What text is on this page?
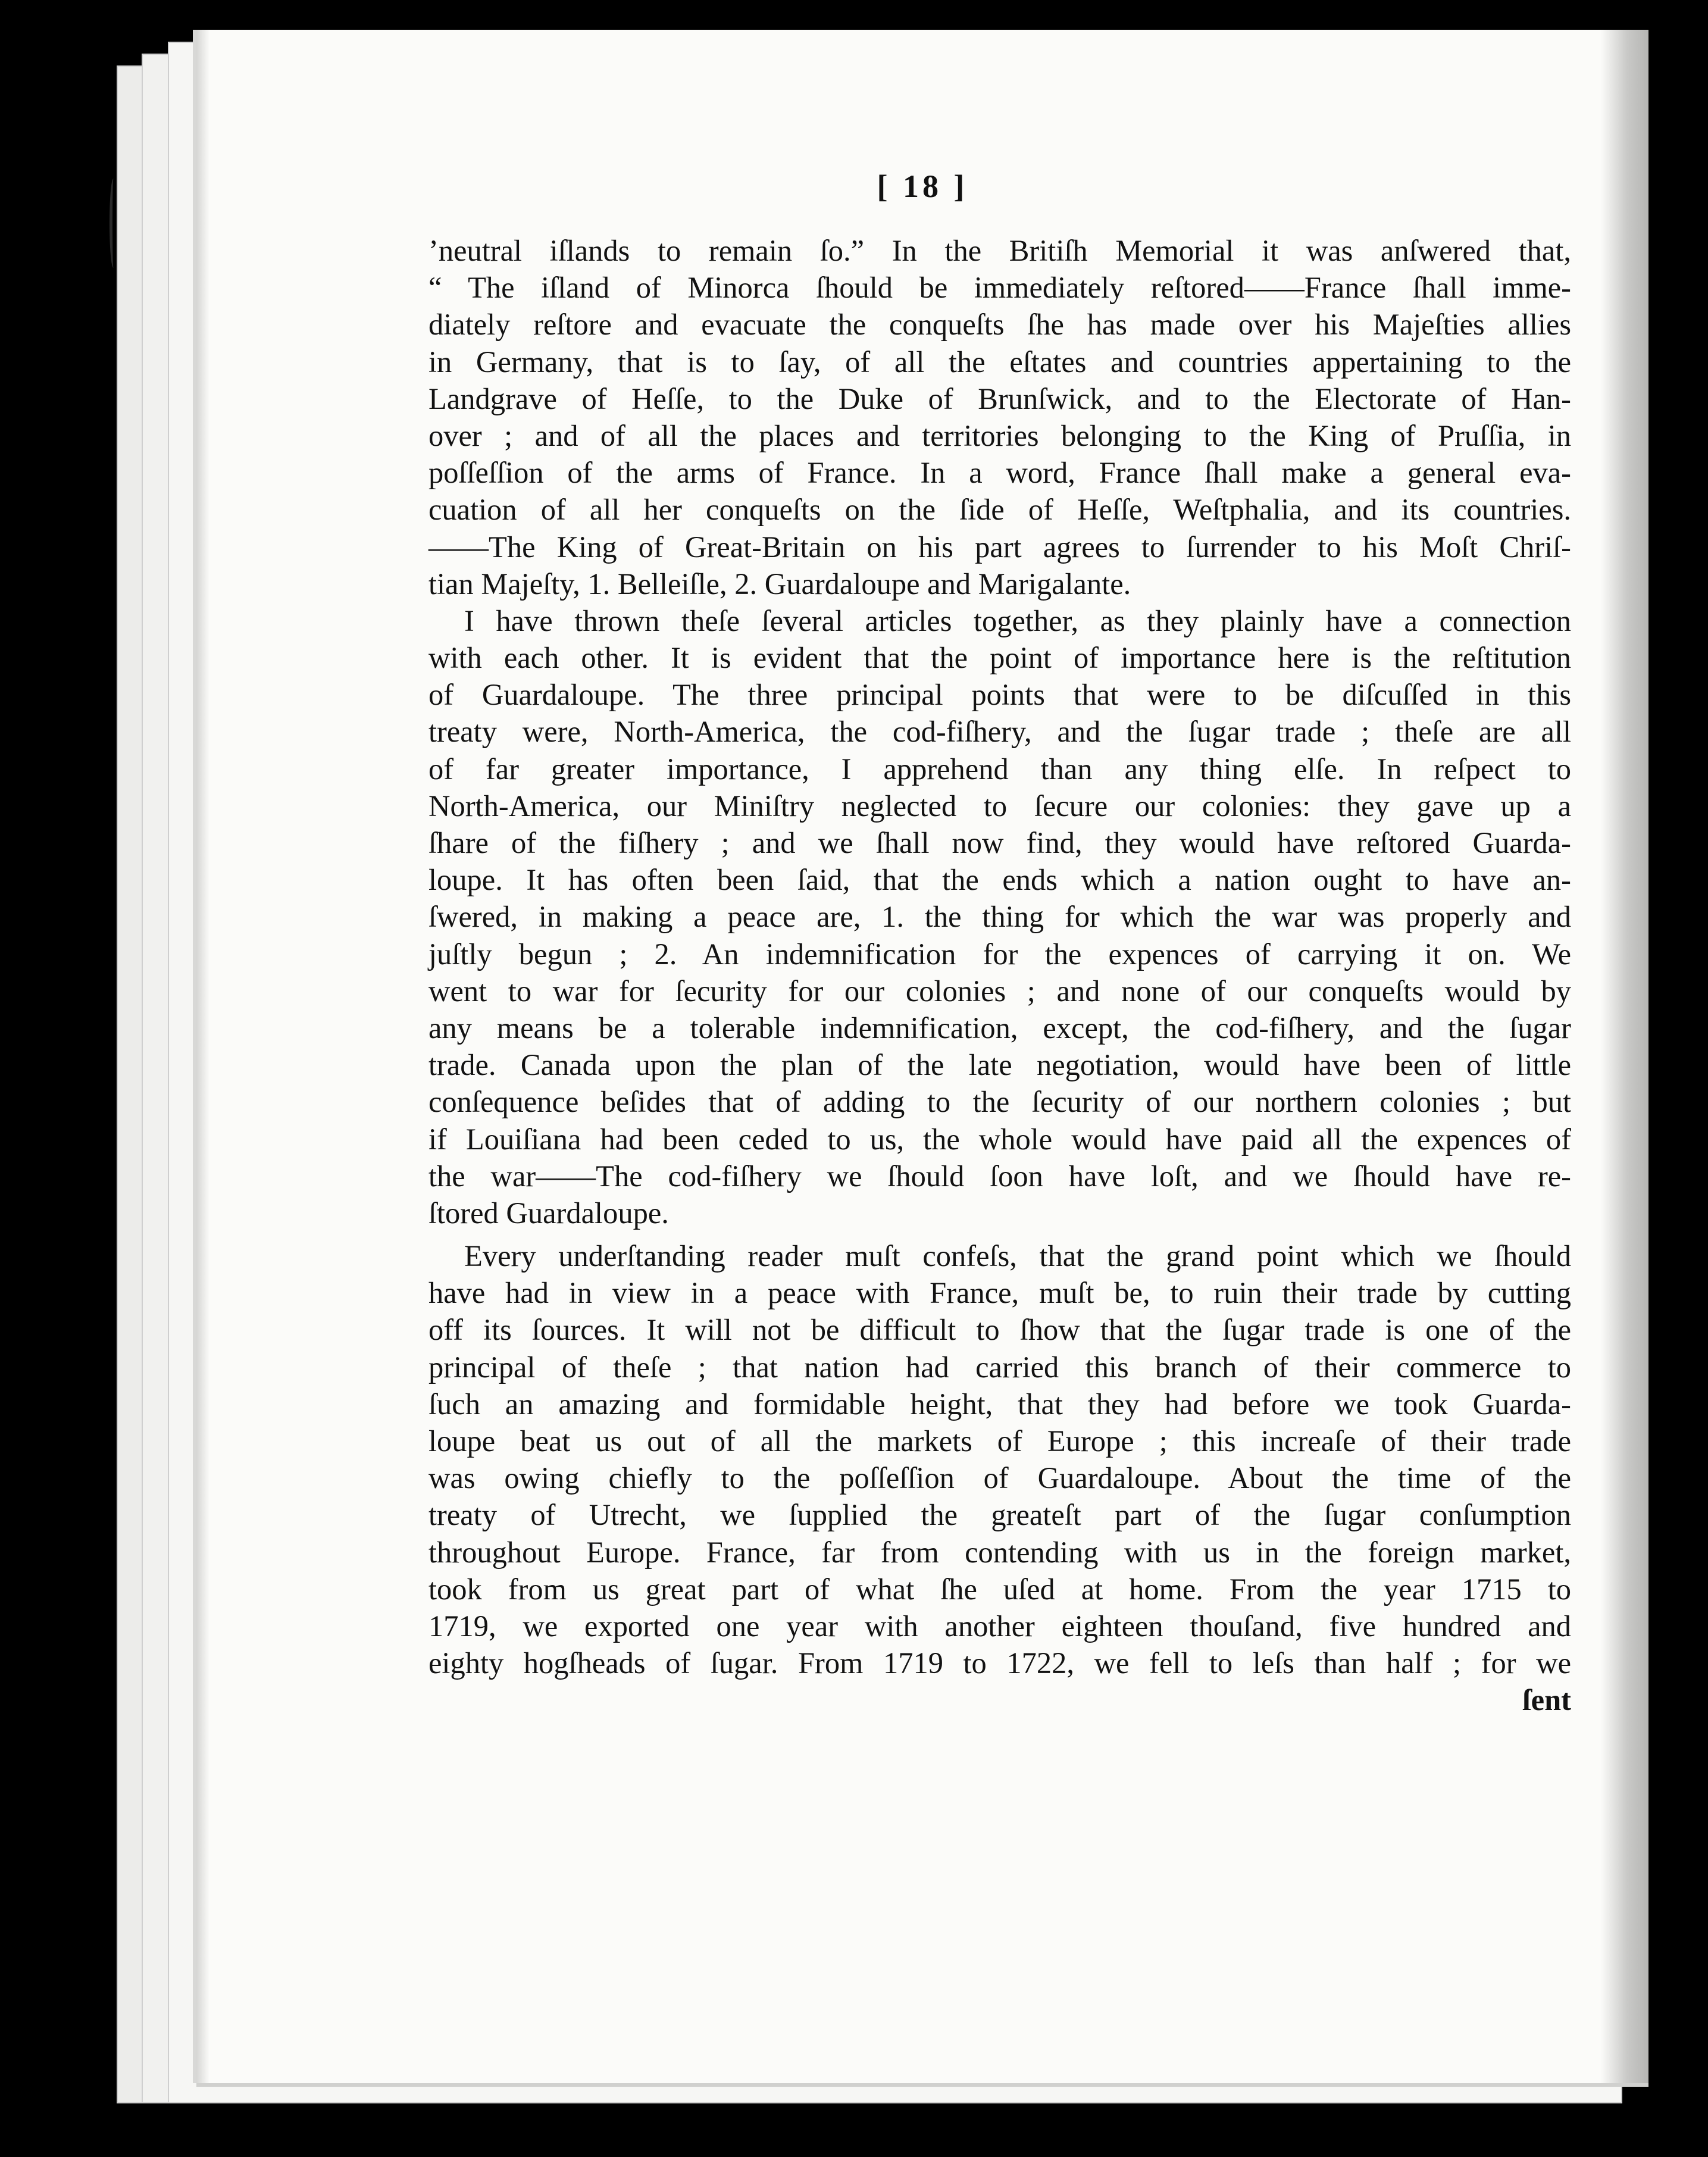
[ 18 ]
ʼneutral iſlands to remain ſo.” In the Britiſh Memorial it was anſwered that,
“ The iſland of Minorca ſhould be immediately reſtored——France ſhall imme-
diately reſtore and evacuate the conqueſts ſhe has made over his Majeſties allies
in Germany, that is to ſay, of all the eſtates and countries appertaining to the
Landgrave of Heſſe, to the Duke of Brunſwick, and to the Electorate of Han-
over ; and of all the places and territories belonging to the King of Pruſſia, in
poſſeſſion of the arms of France. In a word, France ſhall make a general eva-
cuation of all her conqueſts on the ſide of Heſſe, Weſtphalia, and its countries.
——The King of Great-Britain on his part agrees to ſurrender to his Moſt Chriſ-
tian Majeſty, 1. Belleiſle, 2. Guardaloupe and Marigalante.
I have thrown theſe ſeveral articles together, as they plainly have a connection
with each other. It is evident that the point of importance here is the reſtitution
of Guardaloupe. The three principal points that were to be diſcuſſed in this
treaty were, North-America, the cod-fiſhery, and the ſugar trade ; theſe are all
of far greater importance, I apprehend than any thing elſe. In reſpect to
North-America, our Miniſtry neglected to ſecure our colonies: they gave up a
ſhare of the fiſhery ; and we ſhall now find, they would have reſtored Guarda-
loupe. It has often been ſaid, that the ends which a nation ought to have an-
ſwered, in making a peace are, 1. the thing for which the war was properly and
juſtly begun ; 2. An indemnification for the expences of carrying it on. We
went to war for ſecurity for our colonies ; and none of our conqueſts would by
any means be a tolerable indemnification, except, the cod-fiſhery, and the ſugar
trade. Canada upon the plan of the late negotiation, would have been of little
conſequence beſides that of adding to the ſecurity of our northern colonies ; but
if Louiſiana had been ceded to us, the whole would have paid all the expences of
the war——The cod-fiſhery we ſhould ſoon have loſt, and we ſhould have re-
ſtored Guardaloupe.
Every underſtanding reader muſt confeſs, that the grand point which we ſhould
have had in view in a peace with France, muſt be, to ruin their trade by cutting
off its ſources. It will not be difficult to ſhow that the ſugar trade is one of the
principal of theſe ; that nation had carried this branch of their commerce to
ſuch an amazing and formidable height, that they had before we took Guarda-
loupe beat us out of all the markets of Europe ; this increaſe of their trade
was owing chiefly to the poſſeſſion of Guardaloupe. About the time of the
treaty of Utrecht, we ſupplied the greateſt part of the ſugar conſumption
throughout Europe. France, far from contending with us in the foreign market,
took from us great part of what ſhe uſed at home. From the year 1715 to
1719, we exported one year with another eighteen thouſand, five hundred and
eighty hogſheads of ſugar. From 1719 to 1722, we fell to leſs than half ; for we
ſent
